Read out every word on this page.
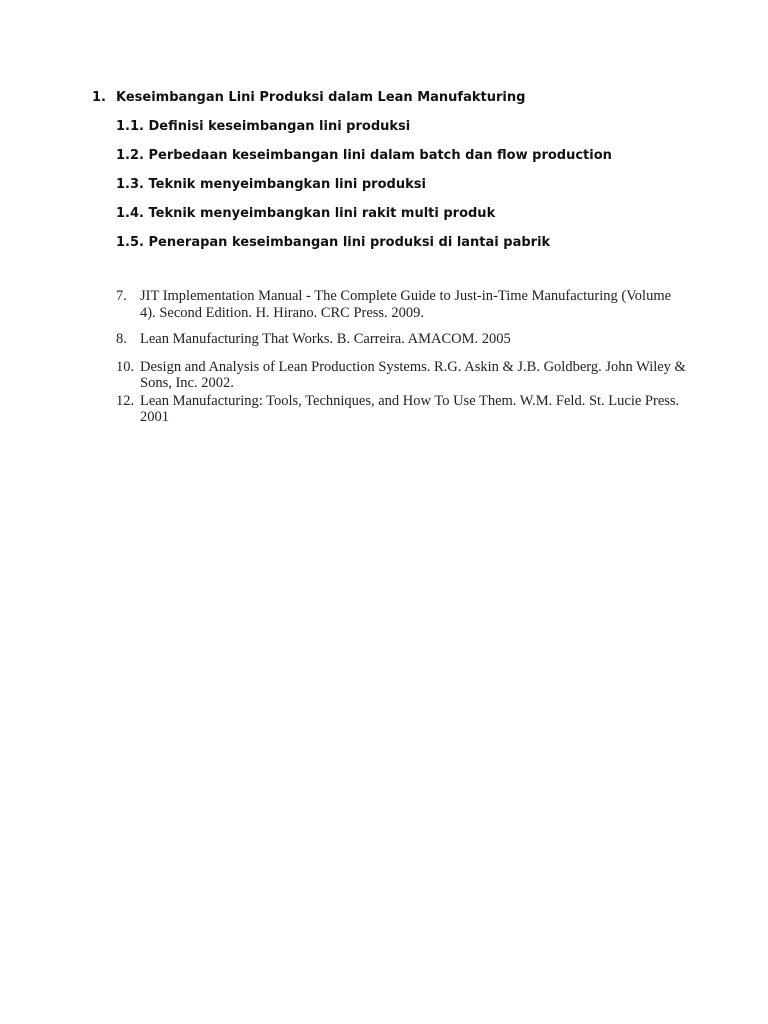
1. Keseimbangan Lini Produksi dalam Lean Manufakturing
1.1. Definisi keseimbangan lini produksi
1.2. Perbedaan keseimbangan lini dalam batch dan flow production
1.3. Teknik menyeimbangkan lini produksi
1.4. Teknik menyeimbangkan lini rakit multi produk
1.5. Penerapan keseimbangan lini produksi di lantai pabrik
7. JIT Implementation Manual - The Complete Guide to Just-in-Time Manufacturing (Volume 4). Second Edition. H. Hirano. CRC Press. 2009.
8. Lean Manufacturing That Works. B. Carreira. AMACOM. 2005
10. Design and Analysis of Lean Production Systems. R.G. Askin & J.B. Goldberg. John Wiley & Sons, Inc. 2002.
12. Lean Manufacturing: Tools, Techniques, and How To Use Them. W.M. Feld. St. Lucie Press. 2001
